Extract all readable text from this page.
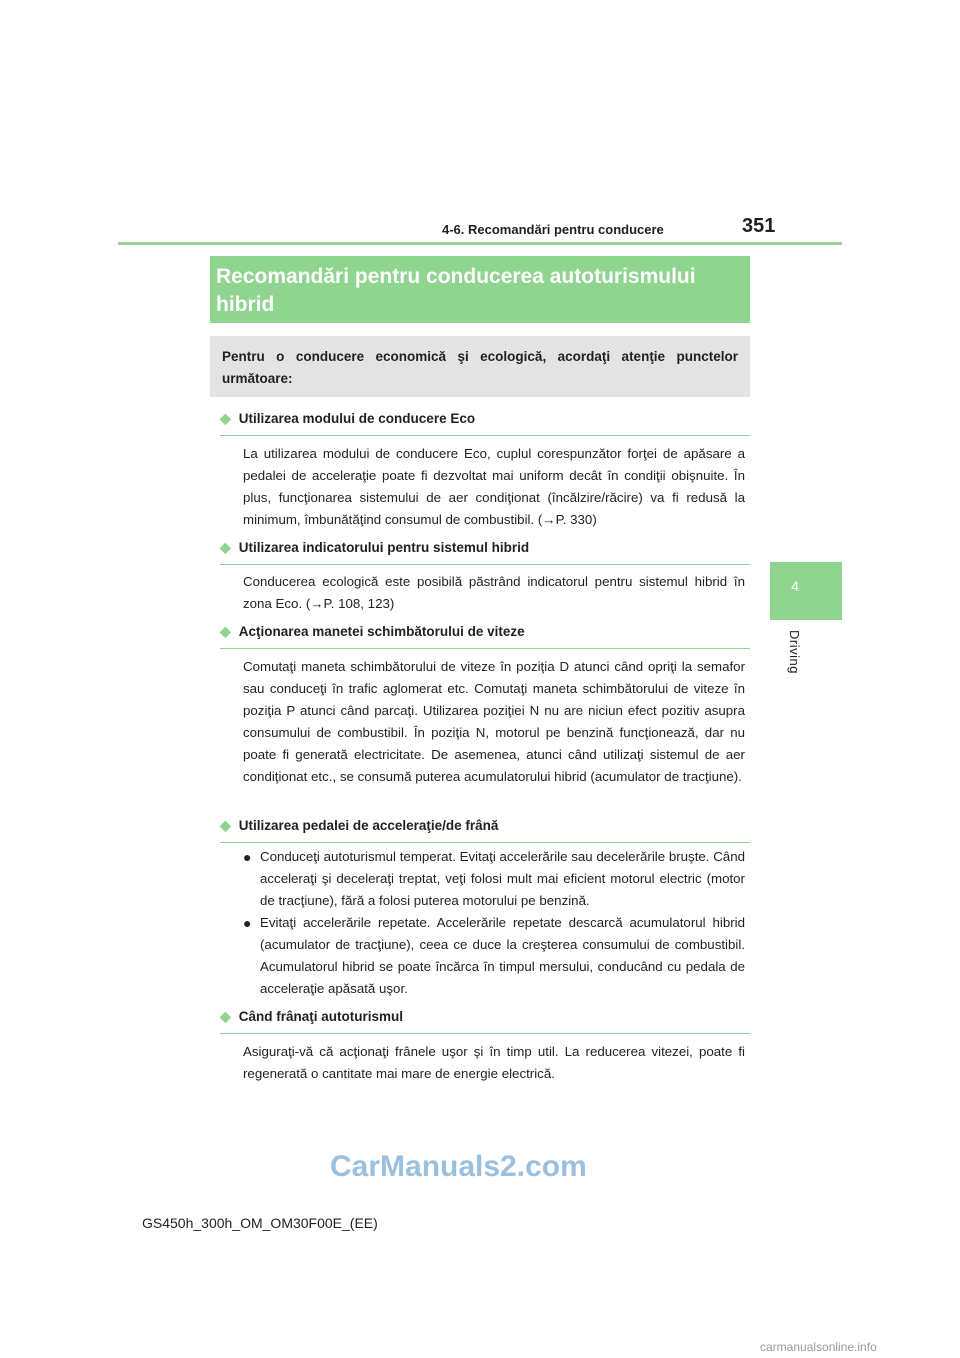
4-6. Recomandări pentru conducere	351
4
Driving
Recomandări pentru conducerea autoturismului hibrid
Pentru o conducere economică şi ecologică, acordaţi atenţie punctelor următoare:
◆ Utilizarea modului de conducere Eco
La utilizarea modului de conducere Eco, cuplul corespunzător forţei de apăsare a pedalei de acceleraţie poate fi dezvoltat mai uniform decât în condiţii obişnuite. În plus, funcţionarea sistemului de aer condiţionat (încălzire/răcire) va fi redusă la minimum, îmbunătăţind consumul de combustibil. (→P. 330)
◆ Utilizarea indicatorului pentru sistemul hibrid
Conducerea ecologică este posibilă păstrând indicatorul pentru sistemul hibrid în zona Eco. (→P. 108, 123)
◆ Acţionarea manetei schimbătorului de viteze
Comutaţi maneta schimbătorului de viteze în poziţia D atunci când opriţi la semafor sau conduceţi în trafic aglomerat etc. Comutaţi maneta schimbătorului de viteze în poziţia P atunci când parcaţi. Utilizarea poziţiei N nu are niciun efect pozitiv asupra consumului de combustibil. În poziţia N, motorul pe benzină funcţionează, dar nu poate fi generată electricitate. De asemenea, atunci când utilizaţi sistemul de aer condiţionat etc., se consumă puterea acumulatorului hibrid (acumulator de tracţiune).
◆ Utilizarea pedalei de acceleraţie/de frână
● Conduceţi autoturismul temperat. Evitaţi accelerările sau decelerările bruşte. Când acceleraţi şi deceleraţi treptat, veţi folosi mult mai eficient motorul electric (motor de tracţiune), fără a folosi puterea motorului pe benzină.
● Evitaţi accelerările repetate. Accelerările repetate descarcă acumulatorul hibrid (acumulator de tracţiune), ceea ce duce la creşterea consumului de combustibil. Acumulatorul hibrid se poate încărca în timpul mersului, conducând cu pedala de acceleraţie apăsată uşor.
◆ Când frânaţi autoturismul
Asiguraţi-vă că acţionaţi frânele uşor şi în timp util. La reducerea vitezei, poate fi regenerată o cantitate mai mare de energie electrică.
CarManuals2.com
GS450h_300h_OM_OM30F00E_(EE)
carmanualsonline.info
